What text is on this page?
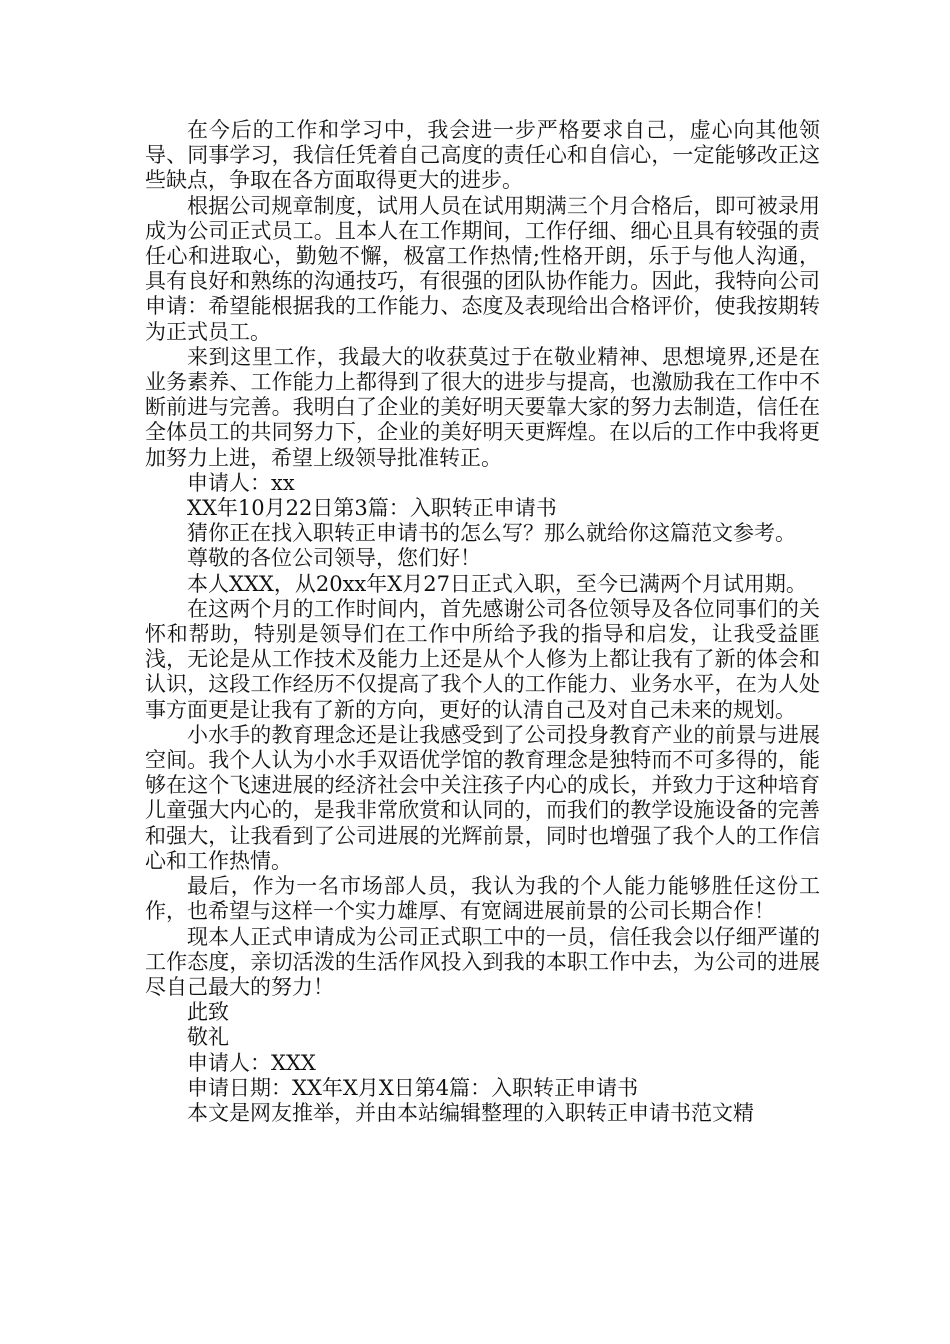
在今后的工作和学习中，我会进一步严格要求自己，虚心向其他领导、同事学习，我信任凭着自己高度的责任心和自信心，一定能够改正这些缺点，争取在各方面取得更大的进步。

根据公司规章制度，试用人员在试用期满三个月合格后，即可被录用成为公司正式员工。且本人在工作期间，工作仔细、细心且具有较强的责任心和进取心，勤勉不懈，极富工作热情;性格开朗，乐于与他人沟通，具有良好和熟练的沟通技巧，有很强的团队协作能力。因此，我特向公司申请：希望能根据我的工作能力、态度及表现给出合格评价，使我按期转为正式员工。

来到这里工作，我最大的收获莫过于在敬业精神、思想境界,还是在业务素养、工作能力上都得到了很大的进步与提高，也激励我在工作中不断前进与完善。我明白了企业的美好明天要靠大家的努力去制造，信任在全体员工的共同努力下，企业的美好明天更辉煌。在以后的工作中我将更加努力上进，希望上级领导批准转正。

申请人：xx

XX年10月22日第3篇：入职转正申请书

猜你正在找入职转正申请书的怎么写？那么就给你这篇范文参考。

尊敬的各位公司领导，您们好！

本人XXX，从20xx年X月27日正式入职，至今已满两个月试用期。

在这两个月的工作时间内，首先感谢公司各位领导及各位同事们的关怀和帮助，特别是领导们在工作中所给予我的指导和启发，让我受益匪浅，无论是从工作技术及能力上还是从个人修为上都让我有了新的体会和认识，这段工作经历不仅提高了我个人的工作能力、业务水平，在为人处事方面更是让我有了新的方向，更好的认清自己及对自己未来的规划。

小水手的教育理念还是让我感受到了公司投身教育产业的前景与进展空间。我个人认为小水手双语优学馆的教育理念是独特而不可多得的，能够在这个飞速进展的经济社会中关注孩子内心的成长，并致力于这种培育儿童强大内心的，是我非常欣赏和认同的，而我们的教学设施设备的完善和强大，让我看到了公司进展的光辉前景，同时也增强了我个人的工作信心和工作热情。

最后，作为一名市场部人员，我认为我的个人能力能够胜任这份工作，也希望与这样一个实力雄厚、有宽阔进展前景的公司长期合作！

现本人正式申请成为公司正式职工中的一员，信任我会以仔细严谨的工作态度，亲切活泼的生活作风投入到我的本职工作中去，为公司的进展尽自己最大的努力！

此致

敬礼

申请人：XXX

申请日期：XX年X月X日第4篇：入职转正申请书

本文是网友推举，并由本站编辑整理的入职转正申请书范文精
